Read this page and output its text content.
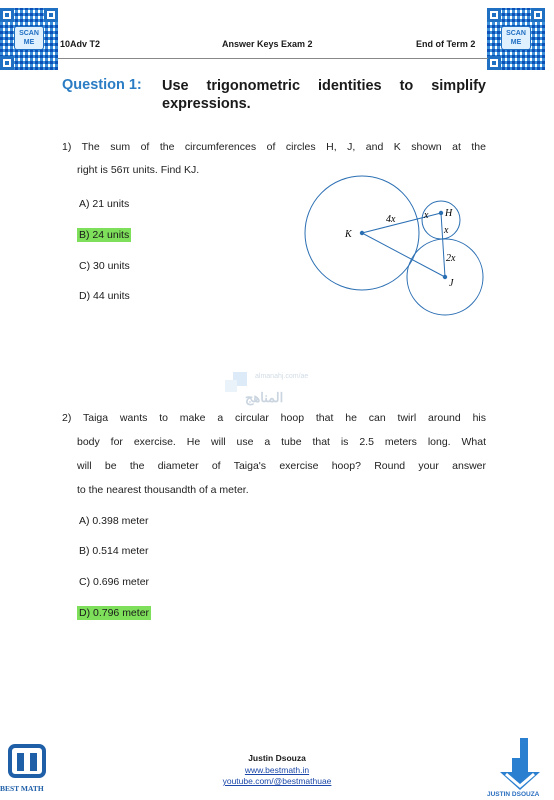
SCAN ME
SCAN ME
10Adv T2	Answer Keys Exam 2	End of Term 2
Question 1: Use trigonometric identities to simplify
expressions.
1) The sum of the circumferences of circles H, J, and K shown at the
right is 56π units. Find KJ.
A) 21 units
B) 24 units
C) 30 units
D) 44 units
K
H
J
4x	x
x
2x
almanahj.com/ae
المناهج
2) Taiga wants to make a circular hoop that he can twirl around his
body for exercise. He will use a tube that is 2.5 meters long. What
will be the diameter of Taiga's exercise hoop? Round your answer
to the nearest thousandth of a meter.
A) 0.398 meter
B) 0.514 meter
C) 0.696 meter
D) 0.796 meter
BEST MATH
Justin Dsouza
www.bestmath.in
youtube.com/@bestmathuae
JUSTIN DSOUZA
